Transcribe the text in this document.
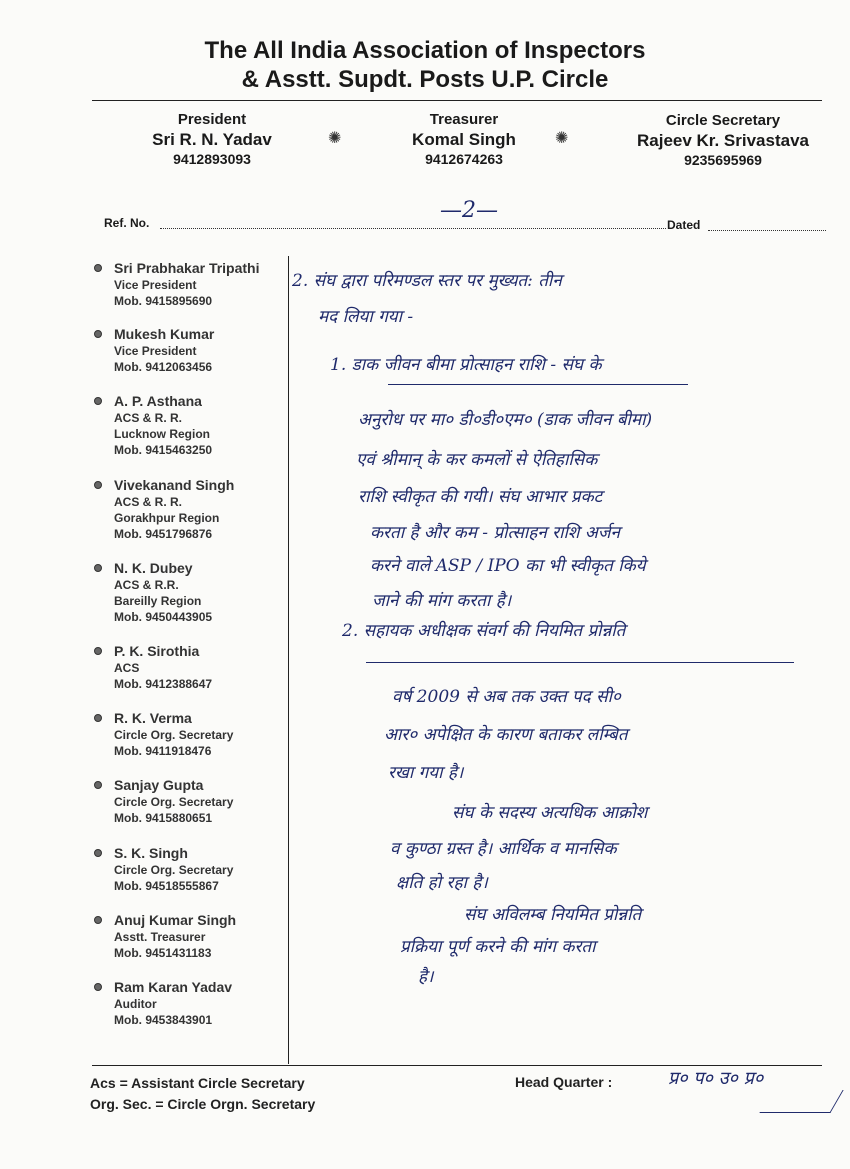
The All India Association of Inspectors
& Asstt. Supdt. Posts U.P. Circle
President
Sri R. N. Yadav
9412893093
✺
Treasurer
Komal Singh
9412674263
✺
Circle Secretary
Rajeev Kr. Srivastava
9235695969
Ref. No.	—2—
Dated
Sri Prabhakar Tripathi
Vice President
Mob. 9415895690
Mukesh Kumar
Vice President
Mob. 9412063456
A. P. Asthana
ACS & R. R.
Lucknow Region
Mob. 9415463250
Vivekanand Singh
ACS & R. R.
Gorakhpur Region
Mob. 9451796876
N. K. Dubey
ACS & R.R.
Bareilly Region
Mob. 9450443905
P. K. Sirothia
ACS
Mob. 9412388647
R. K. Verma
Circle Org. Secretary
Mob. 9411918476
Sanjay Gupta
Circle Org. Secretary
Mob. 9415880651
S. K. Singh
Circle Org. Secretary
Mob. 94518555867
Anuj Kumar Singh
Asstt. Treasurer
Mob. 9451431183
Ram Karan Yadav
Auditor
Mob. 9453843901
2. संघ द्वारा परिमण्डल स्तर पर मुख्यत: तीन
मद लिया गया -
1. डाक जीवन बीमा प्रोत्साहन राशि - संघ के
अनुरोध पर मा० डी०डी०एम० (डाक जीवन बीमा)
एवं श्रीमान् के कर कमलों से ऐतिहासिक
राशि स्वीकृत की गयी। संघ आभार प्रकट
करता है और कम - प्रोत्साहन राशि अर्जन
करने वाले ASP / IPO का भी स्वीकृत किये
जाने की मांग करता है।
2. सहायक अधीक्षक संवर्ग की नियमित प्रोन्नति
वर्ष 2009 से अब तक उक्त पद सी०
आर० अपेक्षित के कारण बताकर लम्बित
रखा गया है।
संघ के सदस्य अत्यधिक आक्रोश
व कुण्ठा ग्रस्त है। आर्थिक व मानसिक
क्षति हो रहा है।
संघ अविलम्ब नियमित प्रोन्नति
प्रक्रिया पूर्ण करने की मांग करता
है।
Acs = Assistant Circle Secretary
Org. Sec. = Circle Orgn. Secretary
Head Quarter :	प्र० प० उ० प्र०
